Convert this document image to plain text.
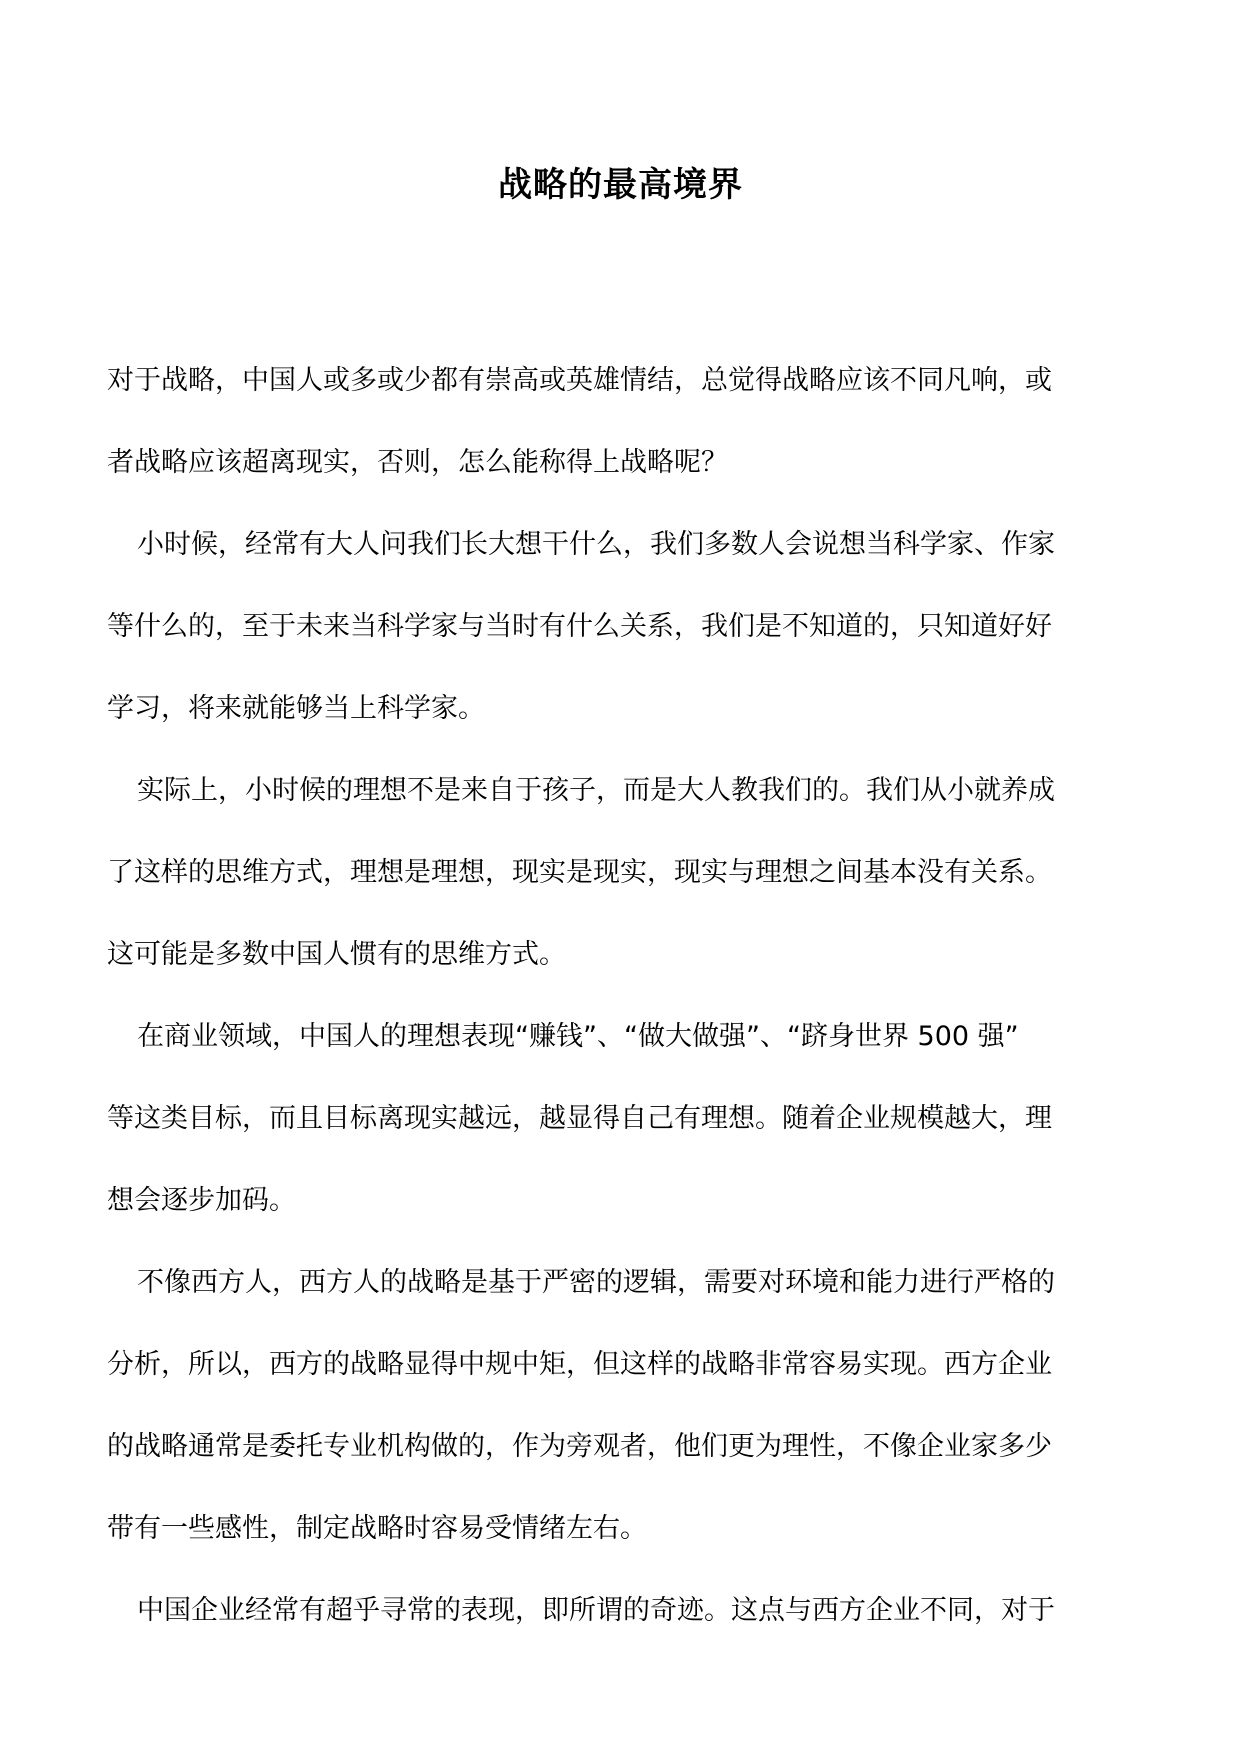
战略的最高境界
对于战略，中国人或多或少都有崇高或英雄情结，总觉得战略应该不同凡响，或
者战略应该超离现实，否则，怎么能称得上战略呢？
小时候，经常有大人问我们长大想干什么，我们多数人会说想当科学家、作家
等什么的，至于未来当科学家与当时有什么关系，我们是不知道的，只知道好好
学习，将来就能够当上科学家。
实际上，小时候的理想不是来自于孩子，而是大人教我们的。我们从小就养成
了这样的思维方式，理想是理想，现实是现实，现实与理想之间基本没有关系。
这可能是多数中国人惯有的思维方式。
在商业领域，中国人的理想表现“赚钱”、“做大做强”、“跻身世界 500 强”
等这类目标，而且目标离现实越远，越显得自己有理想。随着企业规模越大，理
想会逐步加码。
不像西方人，西方人的战略是基于严密的逻辑，需要对环境和能力进行严格的
分析，所以，西方的战略显得中规中矩，但这样的战略非常容易实现。西方企业
的战略通常是委托专业机构做的，作为旁观者，他们更为理性，不像企业家多少
带有一些感性，制定战略时容易受情绪左右。
中国企业经常有超乎寻常的表现，即所谓的奇迹。这点与西方企业不同，对于
